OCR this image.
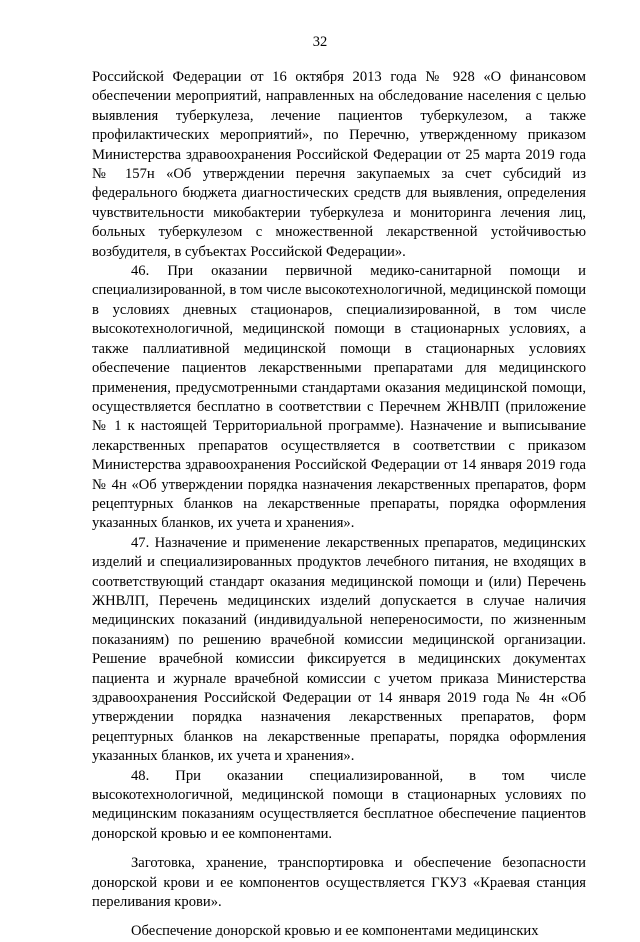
32

Российской Федерации от 16 октября 2013 года № 928 «О финансовом обеспечении мероприятий, направленных на обследование населения с целью выявления туберкулеза, лечение пациентов туберкулезом, а также профилактических мероприятий», по Перечню, утвержденному приказом Министерства здравоохранения Российской Федерации от 25 марта 2019 года № 157н «Об утверждении перечня закупаемых за счет субсидий из федерального бюджета диагностических средств для выявления, определения чувствительности микобактерии туберкулеза и мониторинга лечения лиц, больных туберкулезом с множественной лекарственной устойчивостью возбудителя, в субъектах Российской Федерации».

46. При оказании первичной медико-санитарной помощи и специализированной, в том числе высокотехнологичной, медицинской помощи в условиях дневных стационаров, специализированной, в том числе высокотехнологичной, медицинской помощи в стационарных условиях, а также паллиативной медицинской помощи в стационарных условиях обеспечение пациентов лекарственными препаратами для медицинского применения, предусмотренными стандартами оказания медицинской помощи, осуществляется бесплатно в соответствии с Перечнем ЖНВЛП (приложение № 1 к настоящей Территориальной программе). Назначение и выписывание лекарственных препаратов осуществляется в соответствии с приказом Министерства здравоохранения Российской Федерации от 14 января 2019 года № 4н «Об утверждении порядка назначения лекарственных препаратов, форм рецептурных бланков на лекарственные препараты, порядка оформления указанных бланков, их учета и хранения».

47. Назначение и применение лекарственных препаратов, медицинских изделий и специализированных продуктов лечебного питания, не входящих в соответствующий стандарт оказания медицинской помощи и (или) Перечень ЖНВЛП, Перечень медицинских изделий допускается в случае наличия медицинских показаний (индивидуальной непереносимости, по жизненным показаниям) по решению врачебной комиссии медицинской организации. Решение врачебной комиссии фиксируется в медицинских документах пациента и журнале врачебной комиссии с учетом приказа Министерства здравоохранения Российской Федерации от 14 января 2019 года № 4н «Об утверждении порядка назначения лекарственных препаратов, форм рецептурных бланков на лекарственные препараты, порядка оформления указанных бланков, их учета и хранения».

48. При оказании специализированной, в том числе высокотехнологичной, медицинской помощи в стационарных условиях по медицинским показаниям осуществляется бесплатное обеспечение пациентов донорской кровью и ее компонентами.

Заготовка, хранение, транспортировка и обеспечение безопасности донорской крови и ее компонентов осуществляется ГКУЗ «Краевая станция переливания крови».

Обеспечение донорской кровью и ее компонентами медицинских
